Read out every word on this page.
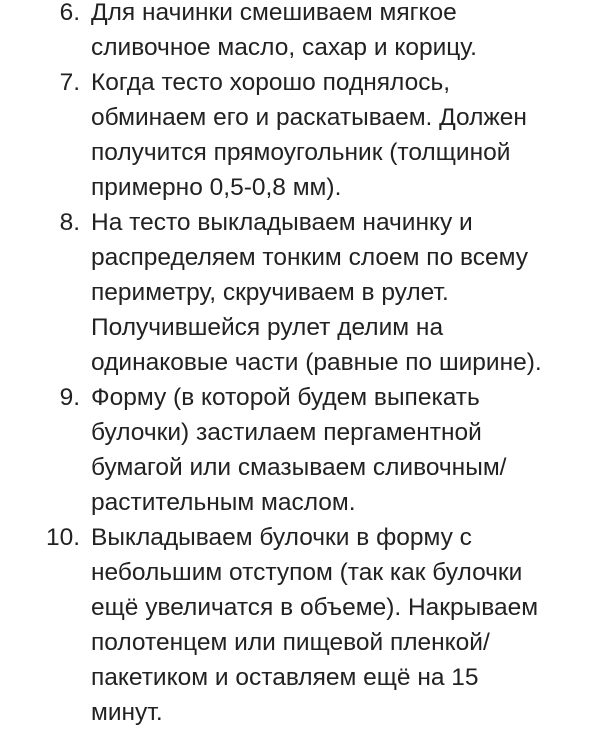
6. Для начинки смешиваем мягкое
сливочное масло, сахар и корицу.
7. Когда тесто хорошо поднялось,
обминаем его и раскатываем. Должен
получится прямоугольник (толщиной
примерно 0,5-0,8 мм).
8. На тесто выкладываем начинку и
распределяем тонким слоем по всему
периметру, скручиваем в рулет.
Получившейся рулет делим на
одинаковые части (равные по ширине).
9. Форму (в которой будем выпекать
булочки) застилаем пергаментной
бумагой или смазываем сливочным/
растительным маслом.
10. Выкладываем булочки в форму с
небольшим отступом (так как булочки
ещё увеличатся в объеме). Накрываем
полотенцем или пищевой пленкой/
пакетиком и оставляем ещё на 15
минут.
